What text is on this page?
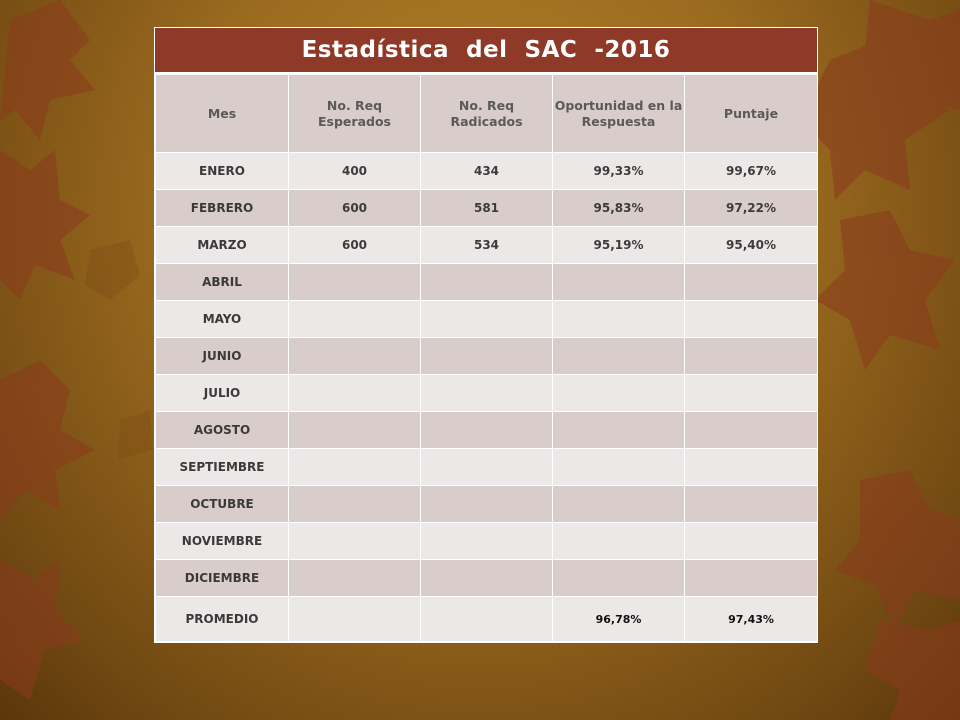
Estadística  del  SAC  -2016
Mes	No. Req Esperados	No. Req Radicados	Oportunidad en la Respuesta	Puntaje
ENERO	400	434	99,33%	99,67%
FEBRERO	600	581	95,83%	97,22%
MARZO	600	534	95,19%	95,40%
ABRIL				
MAYO				
JUNIO				
JULIO				
AGOSTO				
SEPTIEMBRE				
OCTUBRE				
NOVIEMBRE				
DICIEMBRE				
PROMEDIO			96,78%	97,43%
